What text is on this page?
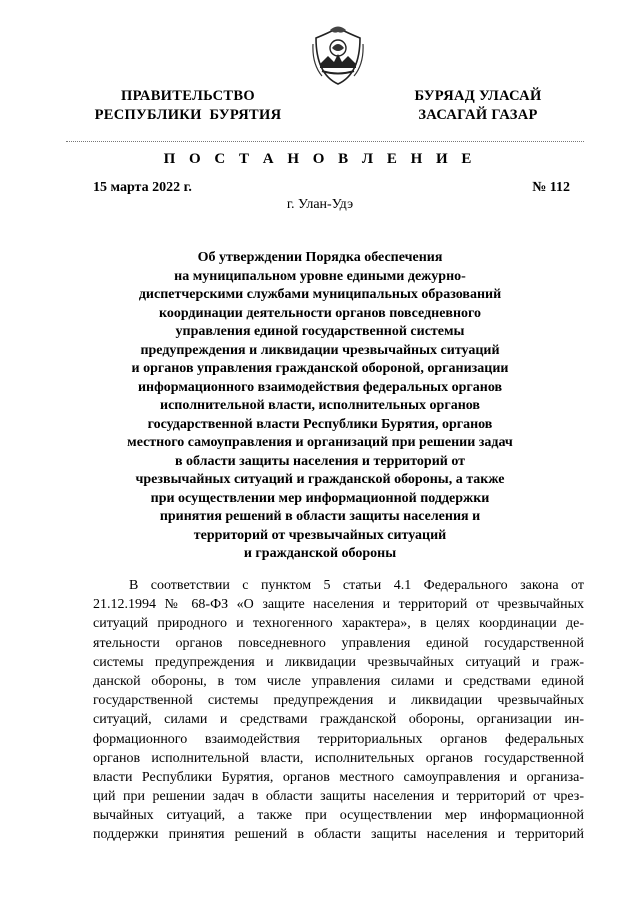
ПРАВИТЕЛЬСТВО
РЕСПУБЛИКИ  БУРЯТИЯ
БУРЯАД УЛАСАЙ
ЗАСАГАЙ ГАЗАР
П О С Т А Н О В Л Е Н И Е
15 марта 2022 г.	№ 112
г. Улан-Удэ
Об утверждении Порядка обеспечения
на муниципальном уровне едиными дежурно-
диспетчерскими службами муниципальных образований
координации деятельности органов повседневного
управления единой государственной системы
предупреждения и ликвидации чрезвычайных ситуаций
и органов управления гражданской обороной, организации
информационного взаимодействия федеральных органов
исполнительной власти, исполнительных органов
государственной власти Республики Бурятия, органов
местного самоуправления и организаций при решении задач
в области защиты населения и территорий от
чрезвычайных ситуаций и гражданской обороны, а также
при осуществлении мер информационной поддержки
принятия решений в области защиты населения и
территорий от чрезвычайных ситуаций
и гражданской обороны
В соответствии с пунктом 5 статьи 4.1 Федерального закона от
21.12.1994 № 68-ФЗ «О защите населения и территорий от чрезвычайных
ситуаций природного и техногенного характера», в целях координации де-
ятельности органов повседневного управления единой государственной
системы предупреждения и ликвидации чрезвычайных ситуаций и граж-
данской обороны, в том числе управления силами и средствами единой
государственной системы предупреждения и ликвидации чрезвычайных
ситуаций, силами и средствами гражданской обороны, организации ин-
формационного взаимодействия территориальных органов федеральных
органов исполнительной власти, исполнительных органов государственной
власти Республики Бурятия, органов местного самоуправления и организа-
ций при решении задач в области защиты населения и территорий от чрез-
вычайных ситуаций, а также при осуществлении мер информационной
поддержки принятия решений в области защиты населения и территорий
